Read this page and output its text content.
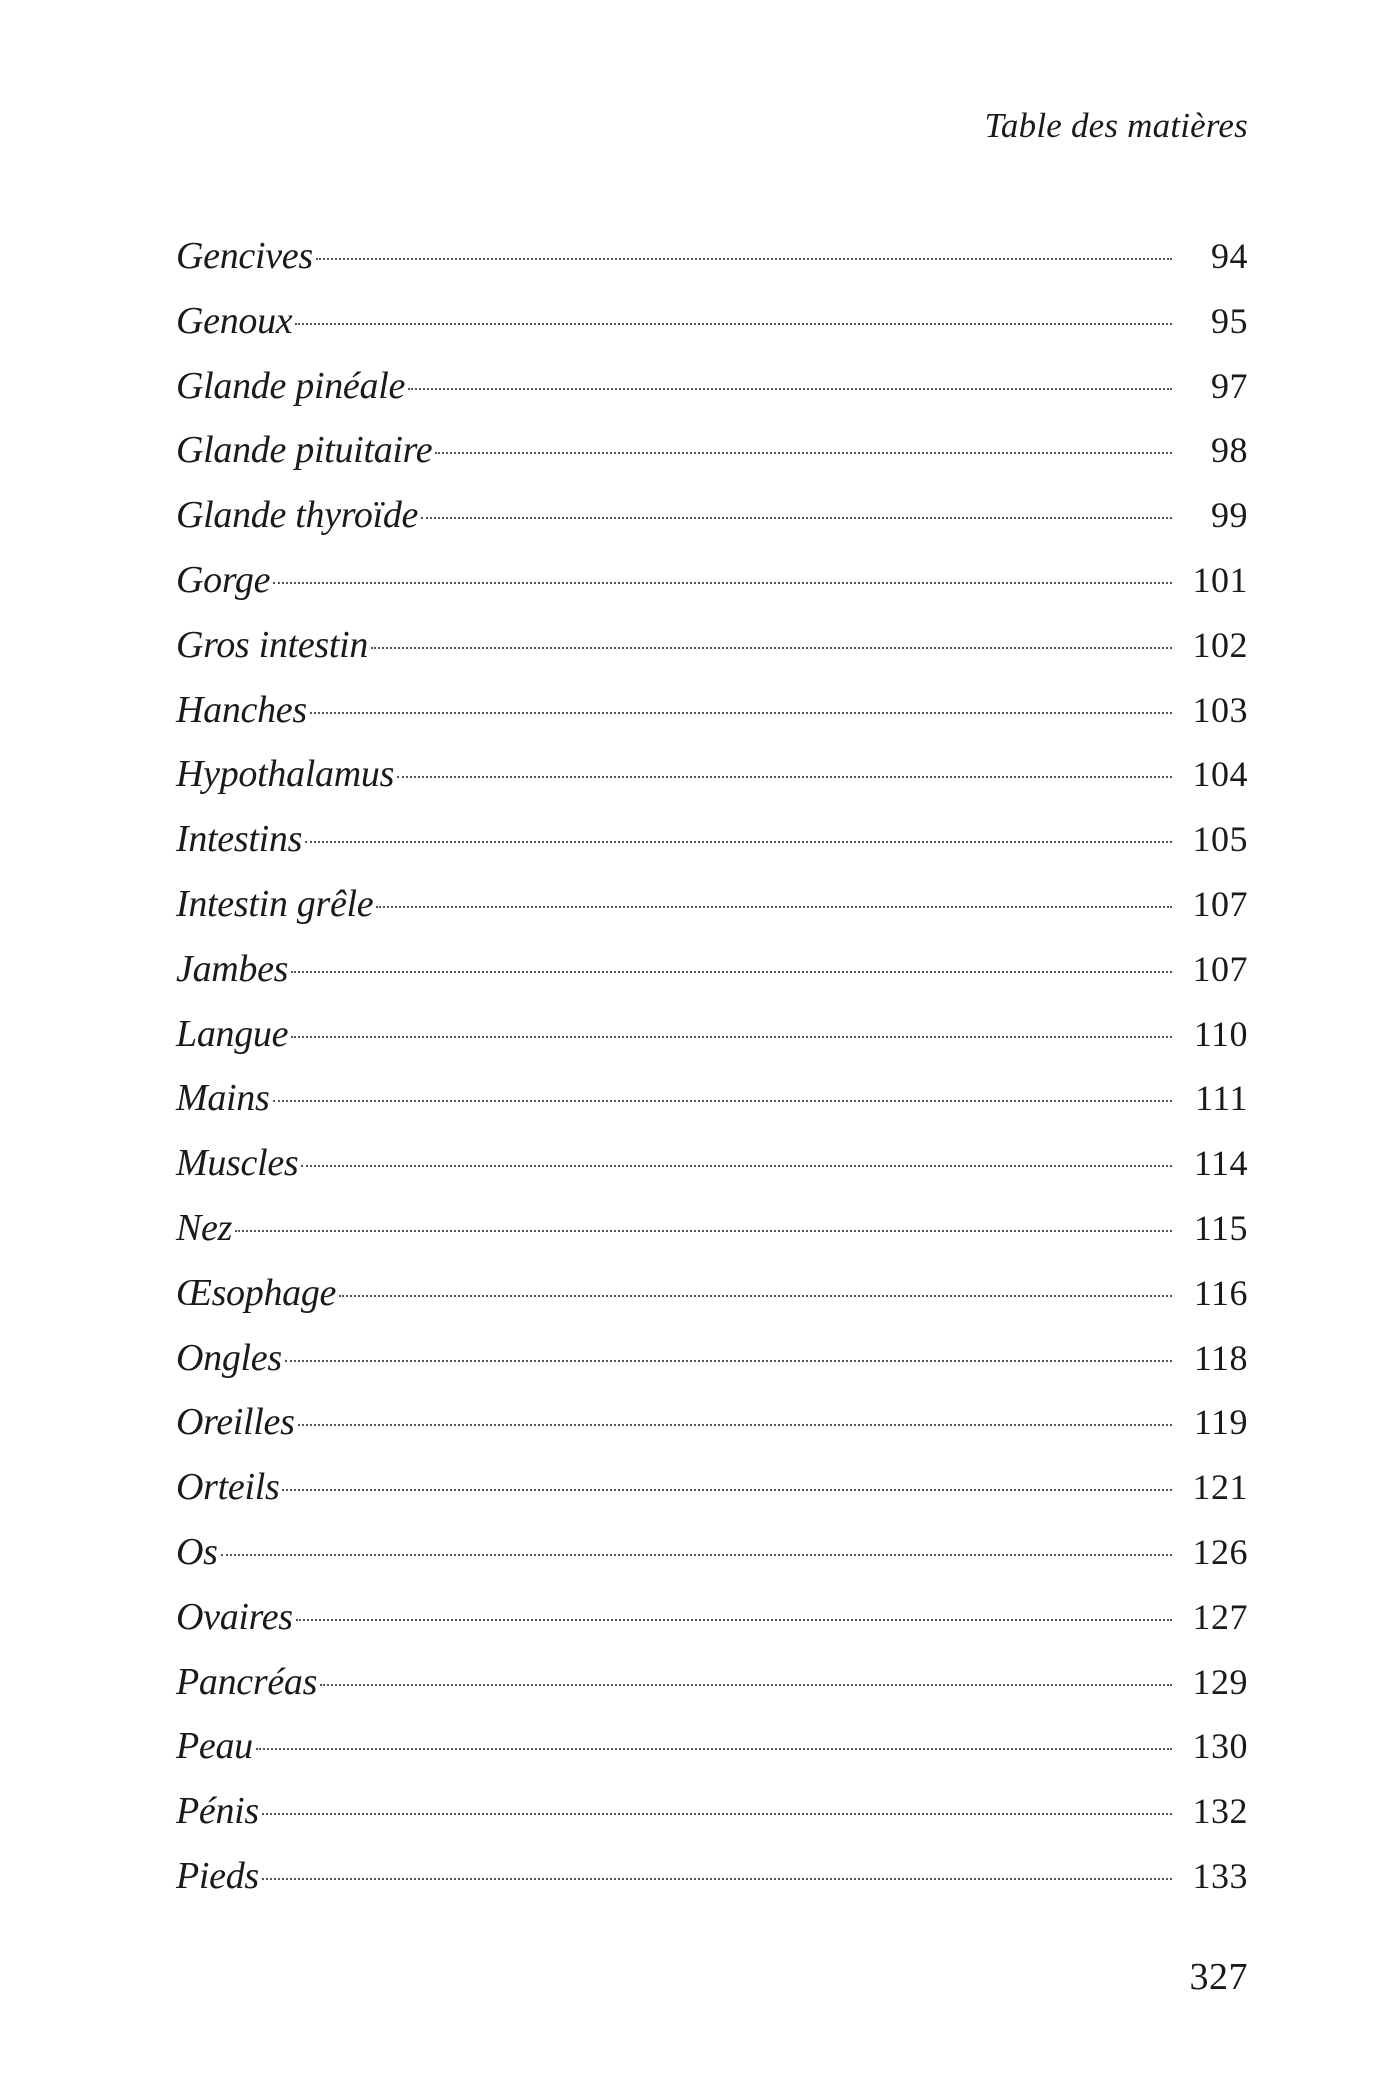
Table des matières
Gencives	94
Genoux	95
Glande pinéale	97
Glande pituitaire	98
Glande thyroïde	99
Gorge	101
Gros intestin	102
Hanches	103
Hypothalamus	104
Intestins	105
Intestin grêle	107
Jambes	107
Langue	110
Mains	111
Muscles	114
Nez	115
Œsophage	116
Ongles	118
Oreilles	119
Orteils	121
Os	126
Ovaires	127
Pancréas	129
Peau	130
Pénis	132
Pieds	133
327
